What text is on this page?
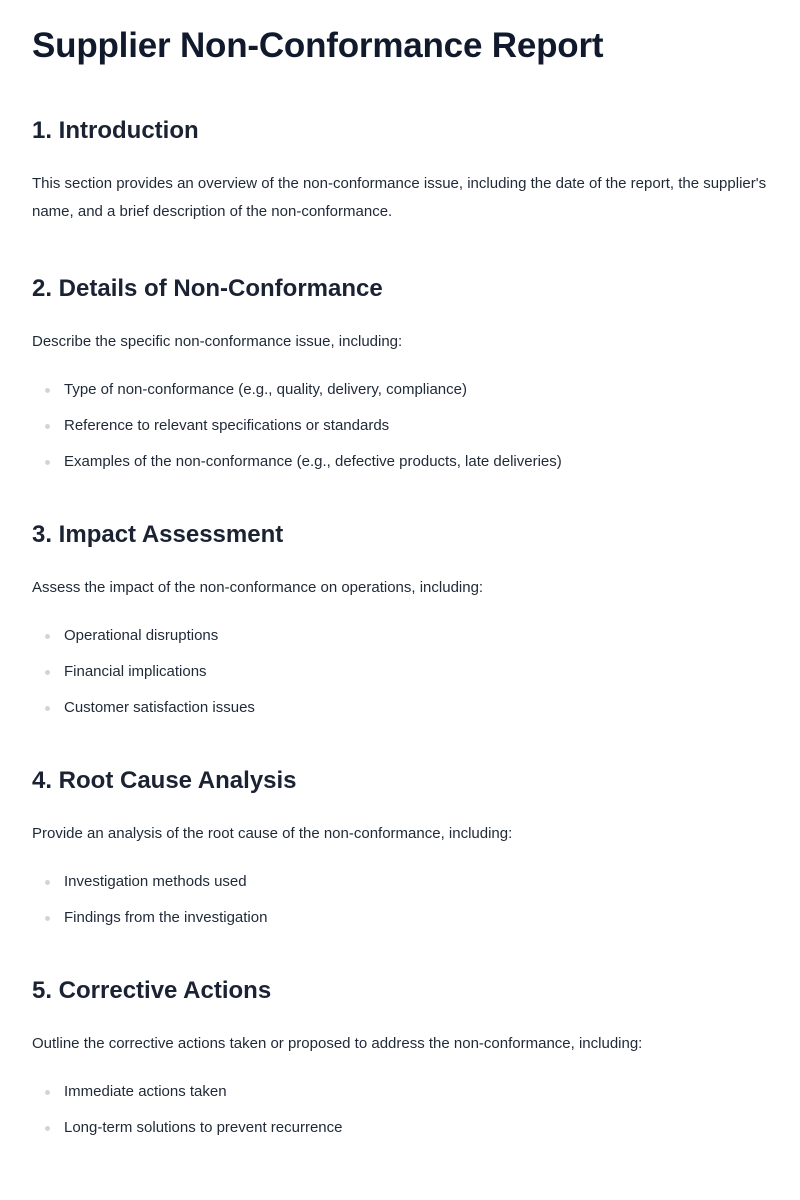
Supplier Non-Conformance Report
1. Introduction

This section provides an overview of the non-conformance issue, including the date of the report, the supplier's name, and a brief description of the non-conformance.

2. Details of Non-Conformance

Describe the specific non-conformance issue, including:

Type of non-conformance (e.g., quality, delivery, compliance)
Reference to relevant specifications or standards
Examples of the non-conformance (e.g., defective products, late deliveries)
3. Impact Assessment

Assess the impact of the non-conformance on operations, including:

Operational disruptions
Financial implications
Customer satisfaction issues
4. Root Cause Analysis

Provide an analysis of the root cause of the non-conformance, including:

Investigation methods used
Findings from the investigation
5. Corrective Actions

Outline the corrective actions taken or proposed to address the non-conformance, including:

Immediate actions taken
Long-term solutions to prevent recurrence
